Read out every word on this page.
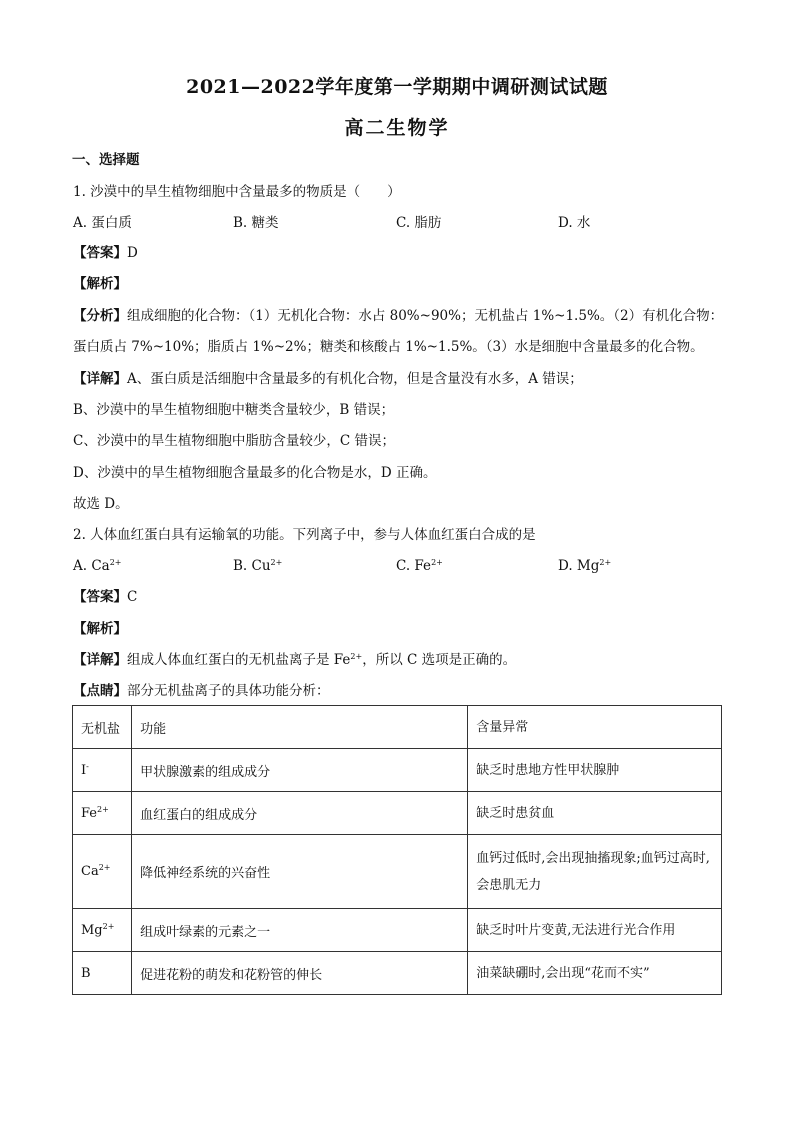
2021—2022学年度第一学期期中调研测试试题
高二生物学
一、选择题
1. 沙漠中的旱生植物细胞中含量最多的物质是（　　）
A. 蛋白质	B. 糖类	C. 脂肪	D. 水
【答案】D
【解析】
【分析】组成细胞的化合物：（1）无机化合物：水占 80%~90%；无机盐占 1%~1.5%。（2）有机化合物：
蛋白质占 7%~10%；脂质占 1%~2%；糖类和核酸占 1%~1.5%。（3）水是细胞中含量最多的化合物。
【详解】A、蛋白质是活细胞中含量最多的有机化合物，但是含量没有水多，A 错误；
B、沙漠中的旱生植物细胞中糖类含量较少，B 错误；
C、沙漠中的旱生植物细胞中脂肪含量较少，C 错误；
D、沙漠中的旱生植物细胞含量最多的化合物是水，D 正确。
故选 D。
2. 人体血红蛋白具有运输氧的功能。下列离子中，参与人体血红蛋白合成的是
A. $Ca^{2+}$	B. $Cu^{2+}$	C. $Fe^{2+}$	D. $Mg^{2+}$
【答案】C
【解析】
【详解】组成人体血红蛋白的无机盐离子是 $Fe^{2+}$，所以 C 选项是正确的。
【点睛】部分无机盐离子的具体功能分析：
无机盐	功能	含量异常
I-	甲状腺激素的组成成分	缺乏时患地方性甲状腺肿
$Fe^{2+}$	血红蛋白的组成成分	缺乏时患贫血
$Ca^{2+}$	降低神经系统的兴奋性	血钙过低时,会出现抽搐现象;血钙过高时,会患肌无力
$Mg^{2+}$	组成叶绿素的元素之一	缺乏时叶片变黄,无法进行光合作用
B	促进花粉的萌发和花粉管的伸长	油菜缺硼时,会出现“花而不实”
